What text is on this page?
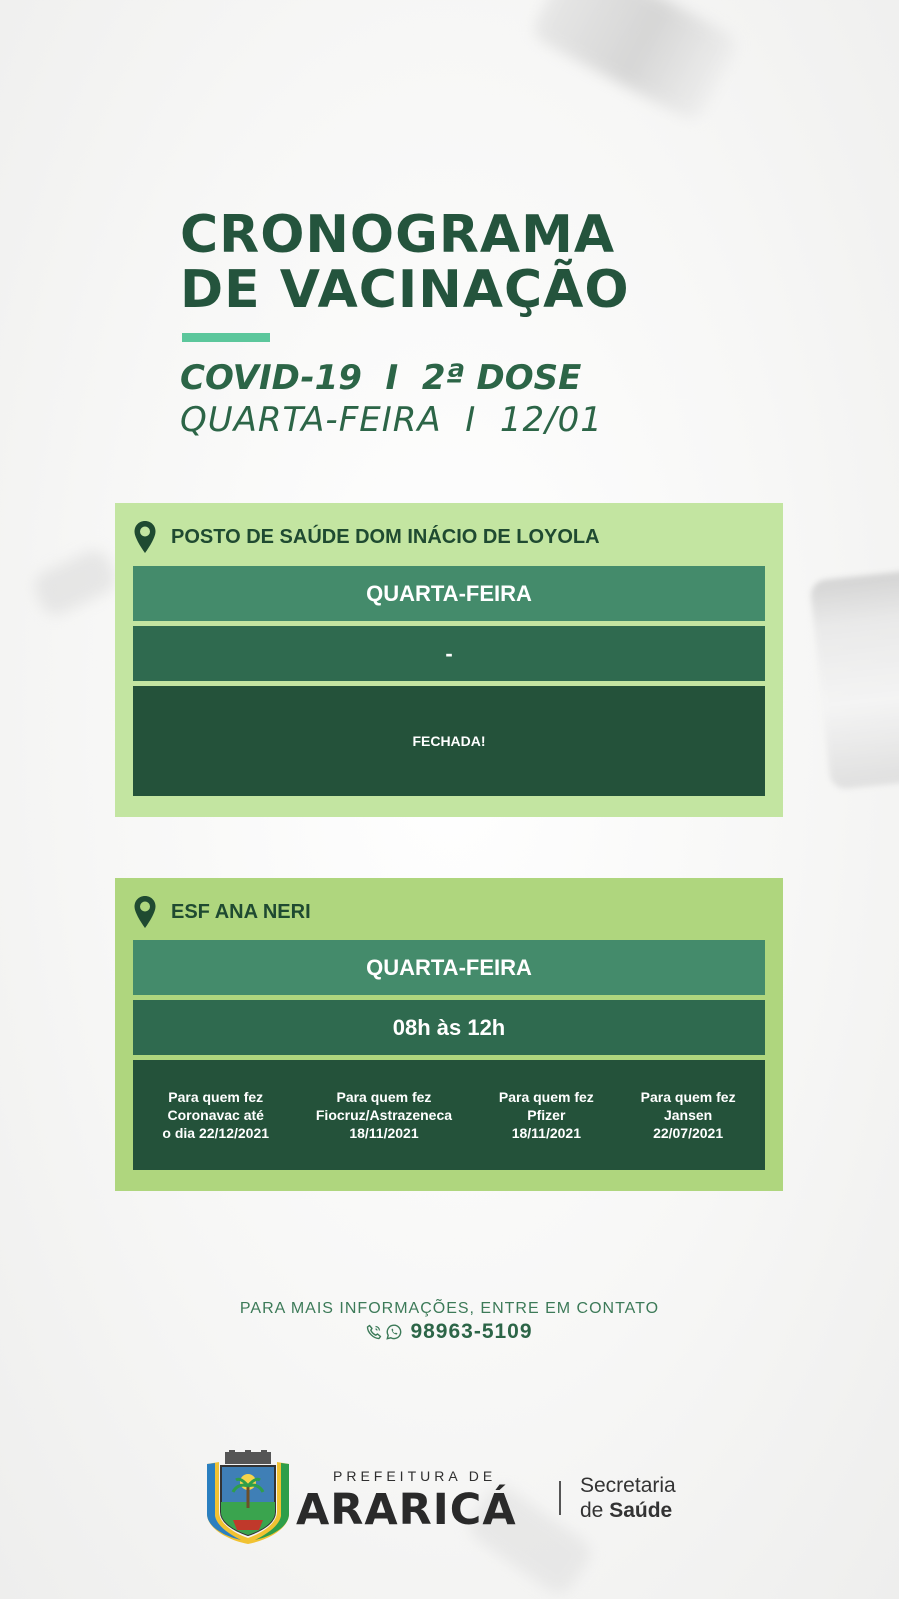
CRONOGRAMA
DE VACINAÇÃO
COVID-19  I  2ª DOSE
QUARTA-FEIRA  I  12/01
POSTO DE SAÚDE DOM INÁCIO DE LOYOLA
QUARTA-FEIRA
-
FECHADA!
ESF ANA NERI
QUARTA-FEIRA
08h às 12h
Para quem fez
Coronavac até
o dia 22/12/2021
Para quem fez
Fiocruz/Astrazeneca
18/11/2021
Para quem fez
Pfizer
18/11/2021
Para quem fez
Jansen
22/07/2021
PARA MAIS INFORMAÇÕES, ENTRE EM CONTATO
98963-5109
PREFEITURA DE
ARARICÁ	Secretaria
de Saúde
